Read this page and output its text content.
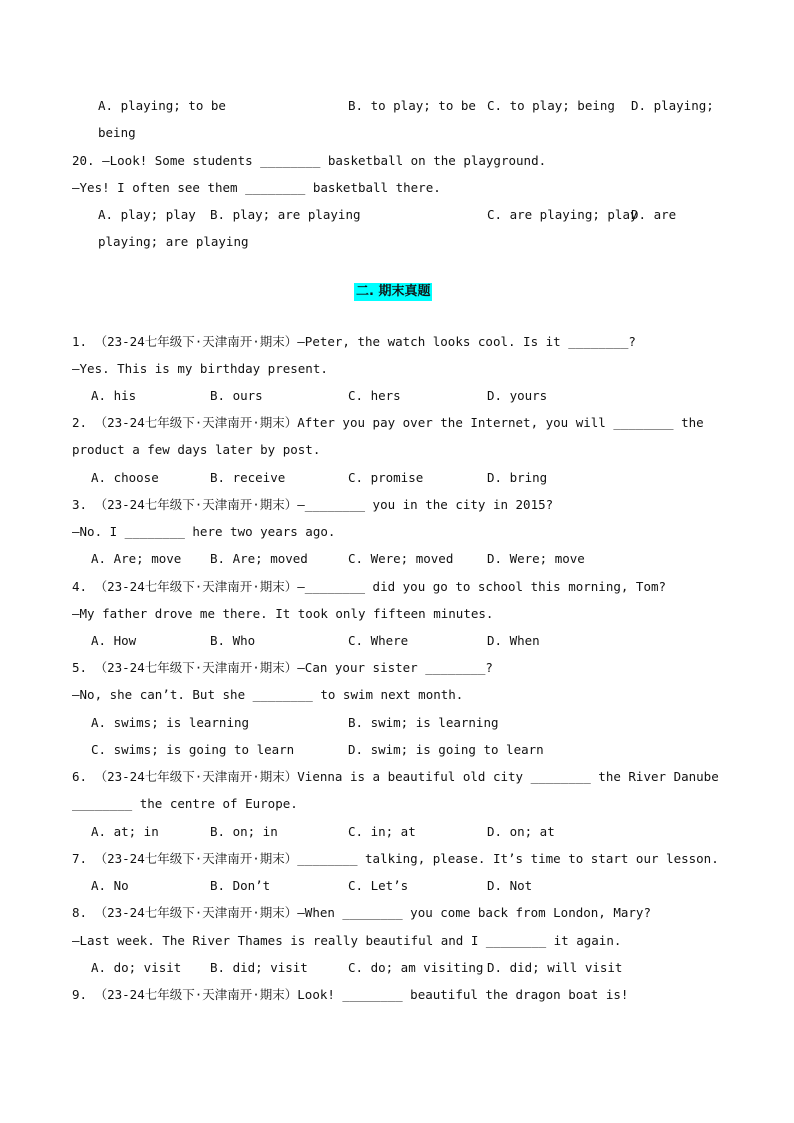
A. playing; to be	B. to play; to be C. to play; being D. playing;
being
20. —Look! Some students ________ basketball on the playground.
—Yes! I often see them ________ basketball there.
A. play; play B. play; are playing	C. are playing; play
D. are
playing; are playing
二. 期末真题
1. （23-24七年级下·天津南开·期末）—Peter, the watch looks cool. Is it ________?
—Yes. This is my birthday present.
A. his	B. ours	C. hers	D. yours
2. （23-24七年级下·天津南开·期末）After you pay over the Internet, you will ________ the
product a few days later by post.
A. choose	B. receive	C. promise	D. bring
3. （23-24七年级下·天津南开·期末）—________ you in the city in 2015?
—No. I ________ here two years ago.
A. Are; move B. Are; moved	C. Were; moved	D. Were; move
4. （23-24七年级下·天津南开·期末）—________ did you go to school this morning, Tom?
—My father drove me there. It took only fifteen minutes.
A. How	B. Who	C. Where	D. When
5. （23-24七年级下·天津南开·期末）—Can your sister ________?
—No, she can’t. But she ________ to swim next month.
A. swims; is learning	B. swim; is learning
C. swims; is going to learn	D. swim; is going to learn
6. （23-24七年级下·天津南开·期末）Vienna is a beautiful old city ________ the River Danube
________ the centre of Europe.
A. at; in	B. on; in	C. in; at	D. on; at
7. （23-24七年级下·天津南开·期末）________ talking, please. It’s time to start our lesson.
A. No	B. Don’t	C. Let’s	D. Not
8. （23-24七年级下·天津南开·期末）—When ________ you come back from London, Mary?
—Last week. The River Thames is really beautiful and I ________ it again.
A. do; visit B. did; visit	C. do; am visiting D. did; will visit
9. （23-24七年级下·天津南开·期末）Look! ________ beautiful the dragon boat is!
